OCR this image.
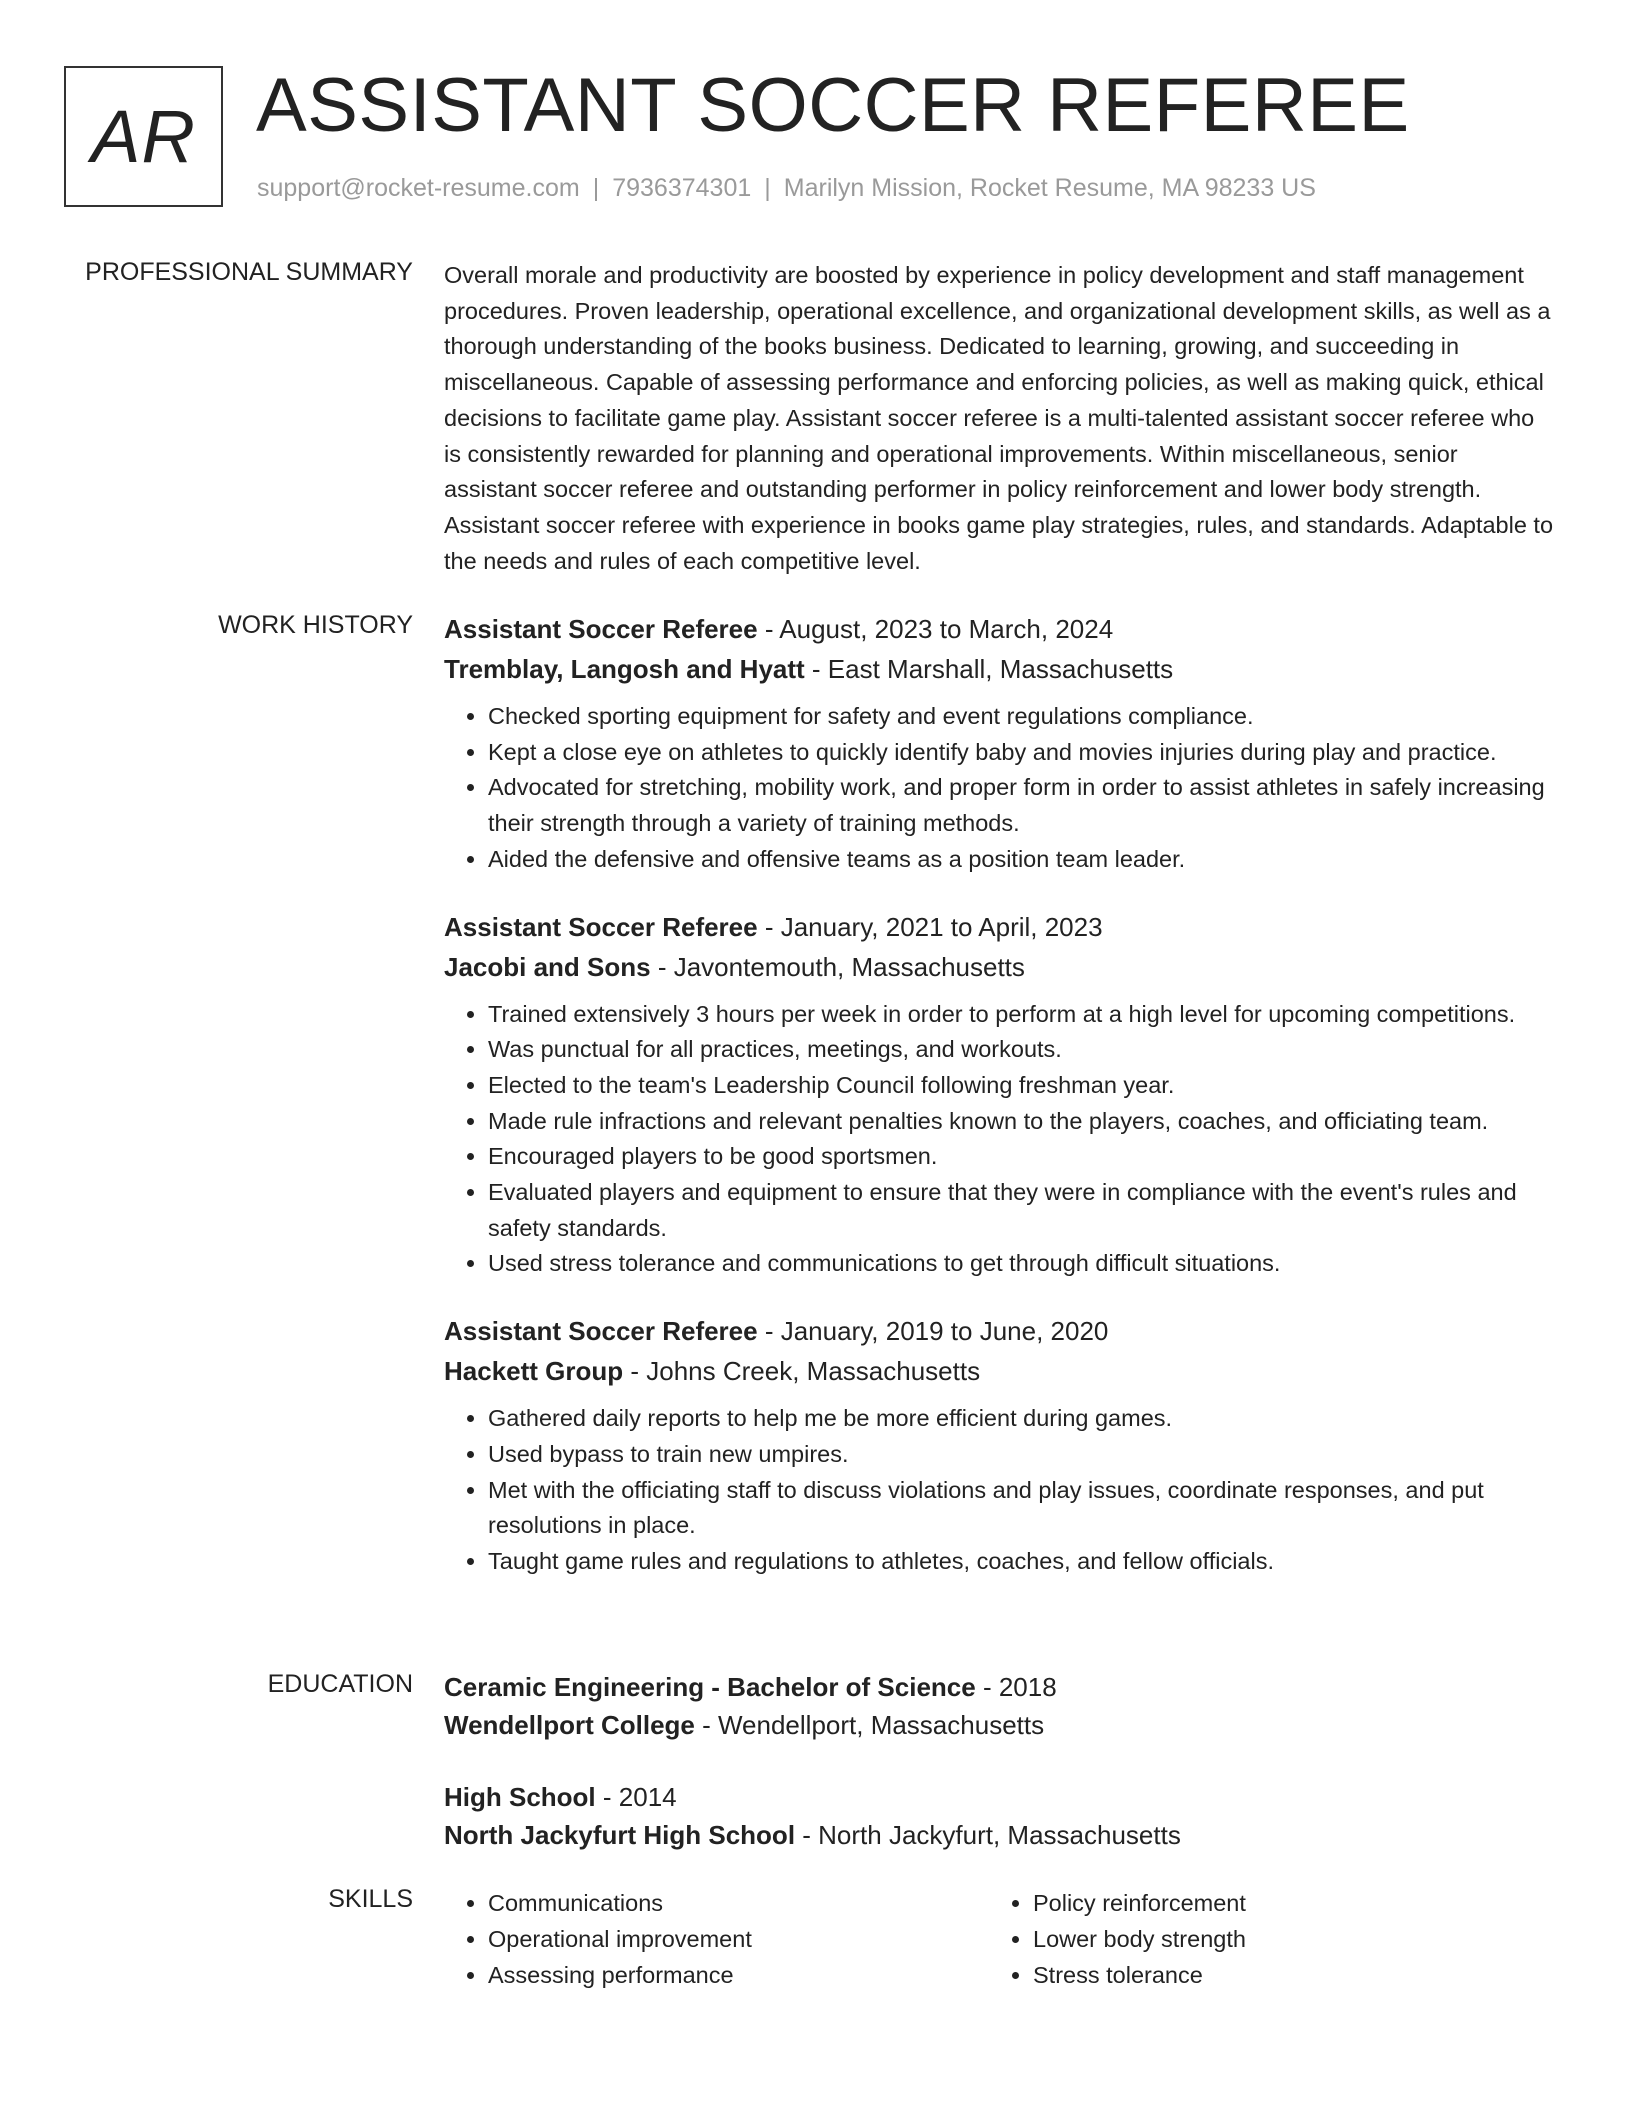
AR ASSISTANT SOCCER REFEREE
support@rocket-resume.com | 7936374301 | Marilyn Mission, Rocket Resume, MA 98233 US
PROFESSIONAL SUMMARY Overall morale and productivity are boosted by experience in policy development and staff management procedures. Proven leadership, operational excellence, and organizational development skills, as well as a thorough understanding of the books business. Dedicated to learning, growing, and succeeding in miscellaneous. Capable of assessing performance and enforcing policies, as well as making quick, ethical decisions to facilitate game play. Assistant soccer referee is a multi-talented assistant soccer referee who is consistently rewarded for planning and operational improvements. Within miscellaneous, senior assistant soccer referee and outstanding performer in policy reinforcement and lower body strength. Assistant soccer referee with experience in books game play strategies, rules, and standards. Adaptable to the needs and rules of each competitive level.

WORK HISTORY Assistant Soccer Referee - August, 2023 to March, 2024
Tremblay, Langosh and Hyatt - East Marshall, Massachusetts
• Checked sporting equipment for safety and event regulations compliance.
• Kept a close eye on athletes to quickly identify baby and movies injuries during play and practice.
• Advocated for stretching, mobility work, and proper form in order to assist athletes in safely increasing their strength through a variety of training methods.
• Aided the defensive and offensive teams as a position team leader.
Assistant Soccer Referee - January, 2021 to April, 2023
Jacobi and Sons - Javontemouth, Massachusetts
• Trained extensively 3 hours per week in order to perform at a high level for upcoming competitions.
• Was punctual for all practices, meetings, and workouts.
• Elected to the team's Leadership Council following freshman year.
• Made rule infractions and relevant penalties known to the players, coaches, and officiating team.
• Encouraged players to be good sportsmen.
• Evaluated players and equipment to ensure that they were in compliance with the event's rules and safety standards.
• Used stress tolerance and communications to get through difficult situations.
Assistant Soccer Referee - January, 2019 to June, 2020
Hackett Group - Johns Creek, Massachusetts
• Gathered daily reports to help me be more efficient during games.
• Used bypass to train new umpires.
• Met with the officiating staff to discuss violations and play issues, coordinate responses, and put resolutions in place.
• Taught game rules and regulations to athletes, coaches, and fellow officials.
EDUCATION Ceramic Engineering - Bachelor of Science - 2018
Wendellport College - Wendellport, Massachusetts
High School - 2014
North Jackyfurt High School - North Jackyfurt, Massachusetts
SKILLS
•	Communications
• Operational improvement
• Assessing performance
• Policy reinforcement
• Lower body strength
• Stress tolerance
